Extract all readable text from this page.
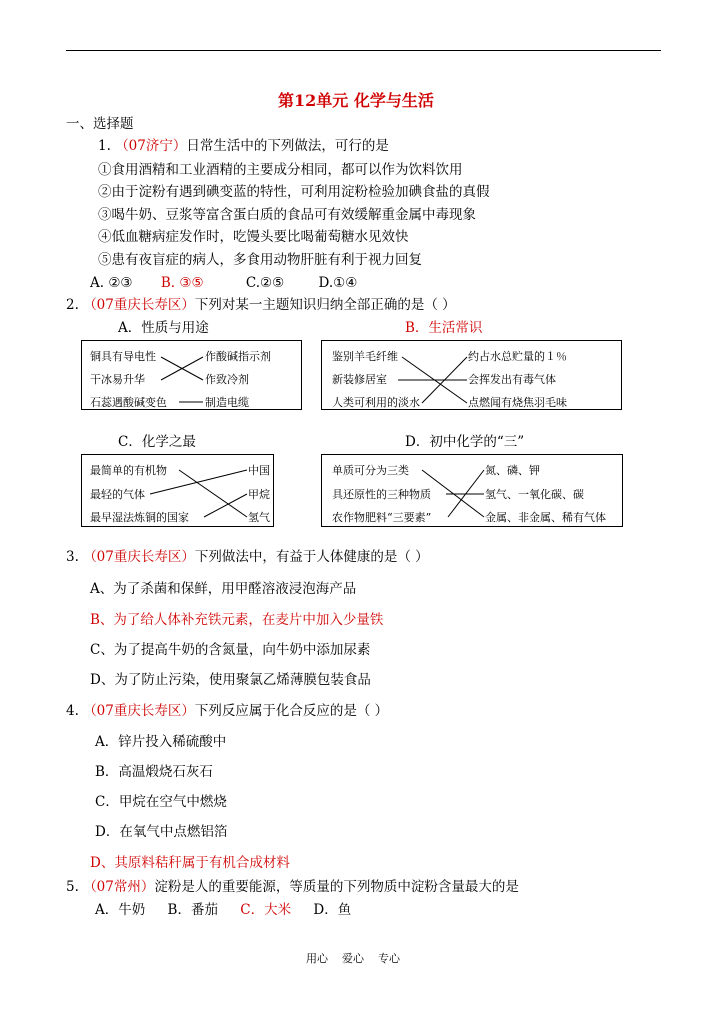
第12单元 化学与生活
一、选择题
1. （07济宁）日常生活中的下列做法，可行的是
①食用酒精和工业酒精的主要成分相同，都可以作为饮料饮用
②由于淀粉有遇到碘变蓝的特性，可利用淀粉检验加碘食盐的真假
③喝牛奶、豆浆等富含蛋白质的食品可有效缓解重金属中毒现象
④低血糖病症发作时，吃馒头要比喝葡萄糖水见效快
⑤患有夜盲症的病人，多食用动物肝脏有利于视力回复
A. ②③ B. ③⑤	C.②⑤	D.①④
2. （07重庆长寿区）下列对某一主题知识归纳全部正确的是（ ）
A．性质与用途	B．生活常识
铜具有导电性
干冰易升华
石蕊遇酸碱变色
作酸碱指示剂
作致冷剂
制造电缆
鉴别羊毛纤维
新装修居室
人类可利用的淡水
约占水总贮量的１％
会挥发出有毒气体
点燃闻有烧焦羽毛味
C．化学之最	D．初中化学的“三”
最简单的有机物
最轻的气体
最早湿法炼铜的国家
中国
甲烷
氢气
单质可分为三类
具还原性的三种物质
农作物肥料“三要素”
氮、磷、钾
氢气、一氧化碳、碳
金属、非金属、稀有气体
3. （07重庆长寿区）下列做法中，有益于人体健康的是（ ）
A、为了杀菌和保鲜，用甲醛溶液浸泡海产品
B、为了给人体补充铁元素，在麦片中加入少量铁
C、为了提高牛奶的含氮量，向牛奶中添加尿素
D、为了防止污染，使用聚氯乙烯薄膜包装食品
4. （07重庆长寿区）下列反应属于化合反应的是（ ）
A．锌片投入稀硫酸中
B．高温煅烧石灰石
C．甲烷在空气中燃烧
D．在氧气中点燃铝箔
D、其原料秸秆属于有机合成材料
5. （07常州）淀粉是人的重要能源，等质量的下列物质中淀粉含量最大的是
A．牛奶 B．番茄 C．大米 D．鱼
用心    爱心    专心
